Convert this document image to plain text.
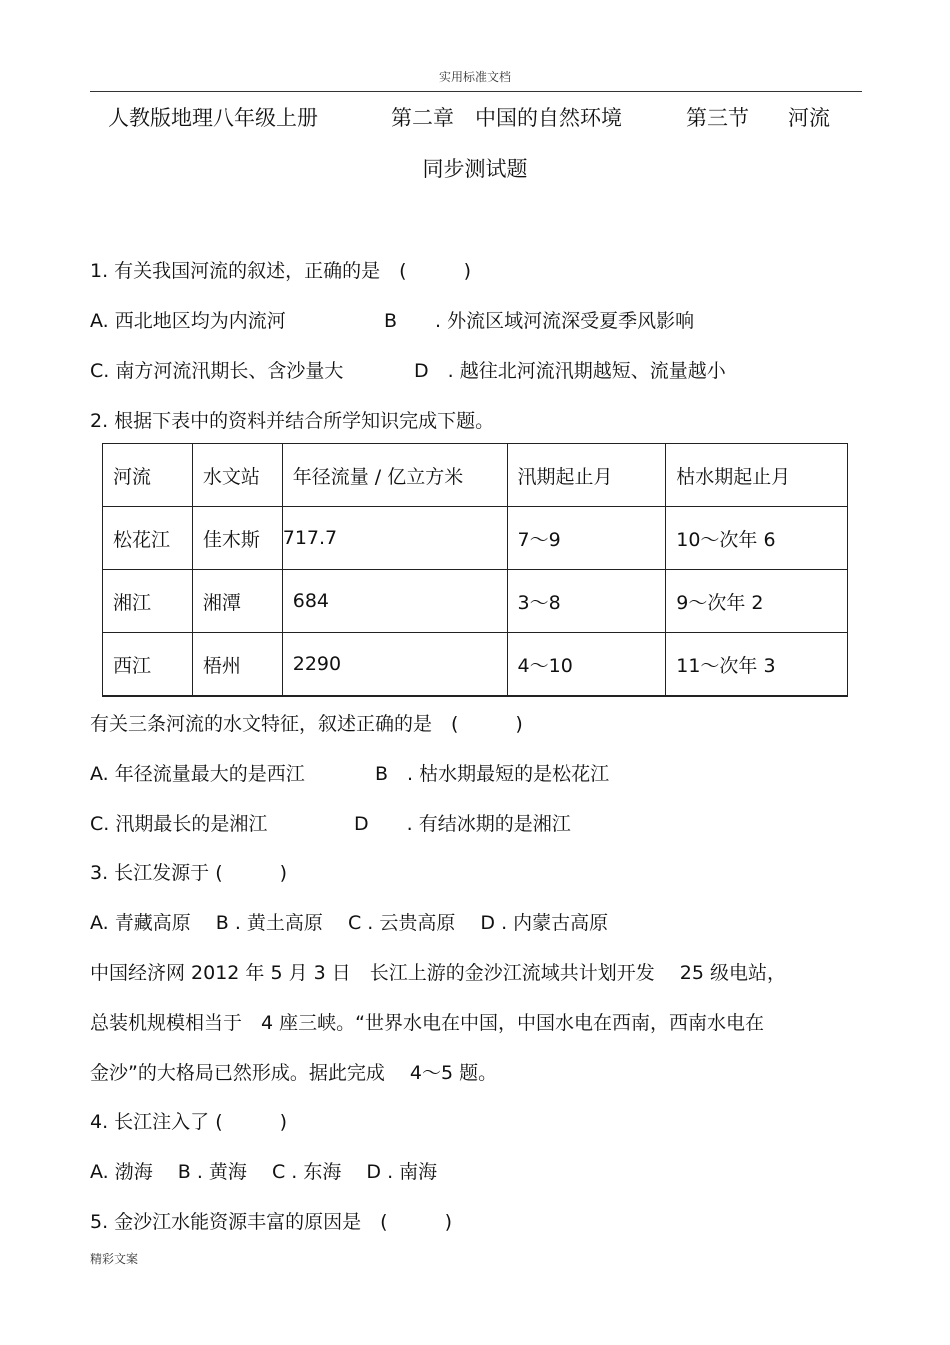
实用标准文档
人教版地理八年级上册	第二章　中国的自然环境	第三节 河流
同步测试题
1. 有关我国河流的叙述，正确的是　(　　　)
A. 西北地区均为内流河	B　　. 外流区域河流深受夏季风影响
C. 南方河流汛期长、含沙量大	D　. 越往北河流汛期越短、流量越小
2. 根据下表中的资料并结合所学知识完成下题。
河流	水文站	年径流量 / 亿立方米	汛期起止月	枯水期起止月
松花江	佳木斯	717.7	7～9	10～次年 6
湘江	湘潭	684	3～8	9～次年 2
西江	梧州	2290	4～10	11～次年 3
有关三条河流的水文特征，叙述正确的是　(　　　)
A. 年径流量最大的是西江	B　. 枯水期最短的是松花江
C. 汛期最长的是湘江	D　　. 有结冰期的是湘江
3. 长江发源于 (　　　)
A. 青藏高原　 B . 黄土高原　 C . 云贵高原　 D . 内蒙古高原
中国经济网 2012 年 5 月 3 日　长江上游的金沙江流域共计划开发　 25 级电站，
总装机规模相当于　4 座三峡。“世界水电在中国，中国水电在西南，西南水电在
金沙”的大格局已然形成。据此完成　 4～5 题。
4. 长江注入了 (　　　)
A. 渤海　 B . 黄海　 C . 东海　 D . 南海
5. 金沙江水能资源丰富的原因是　(　　　)
精彩文案
